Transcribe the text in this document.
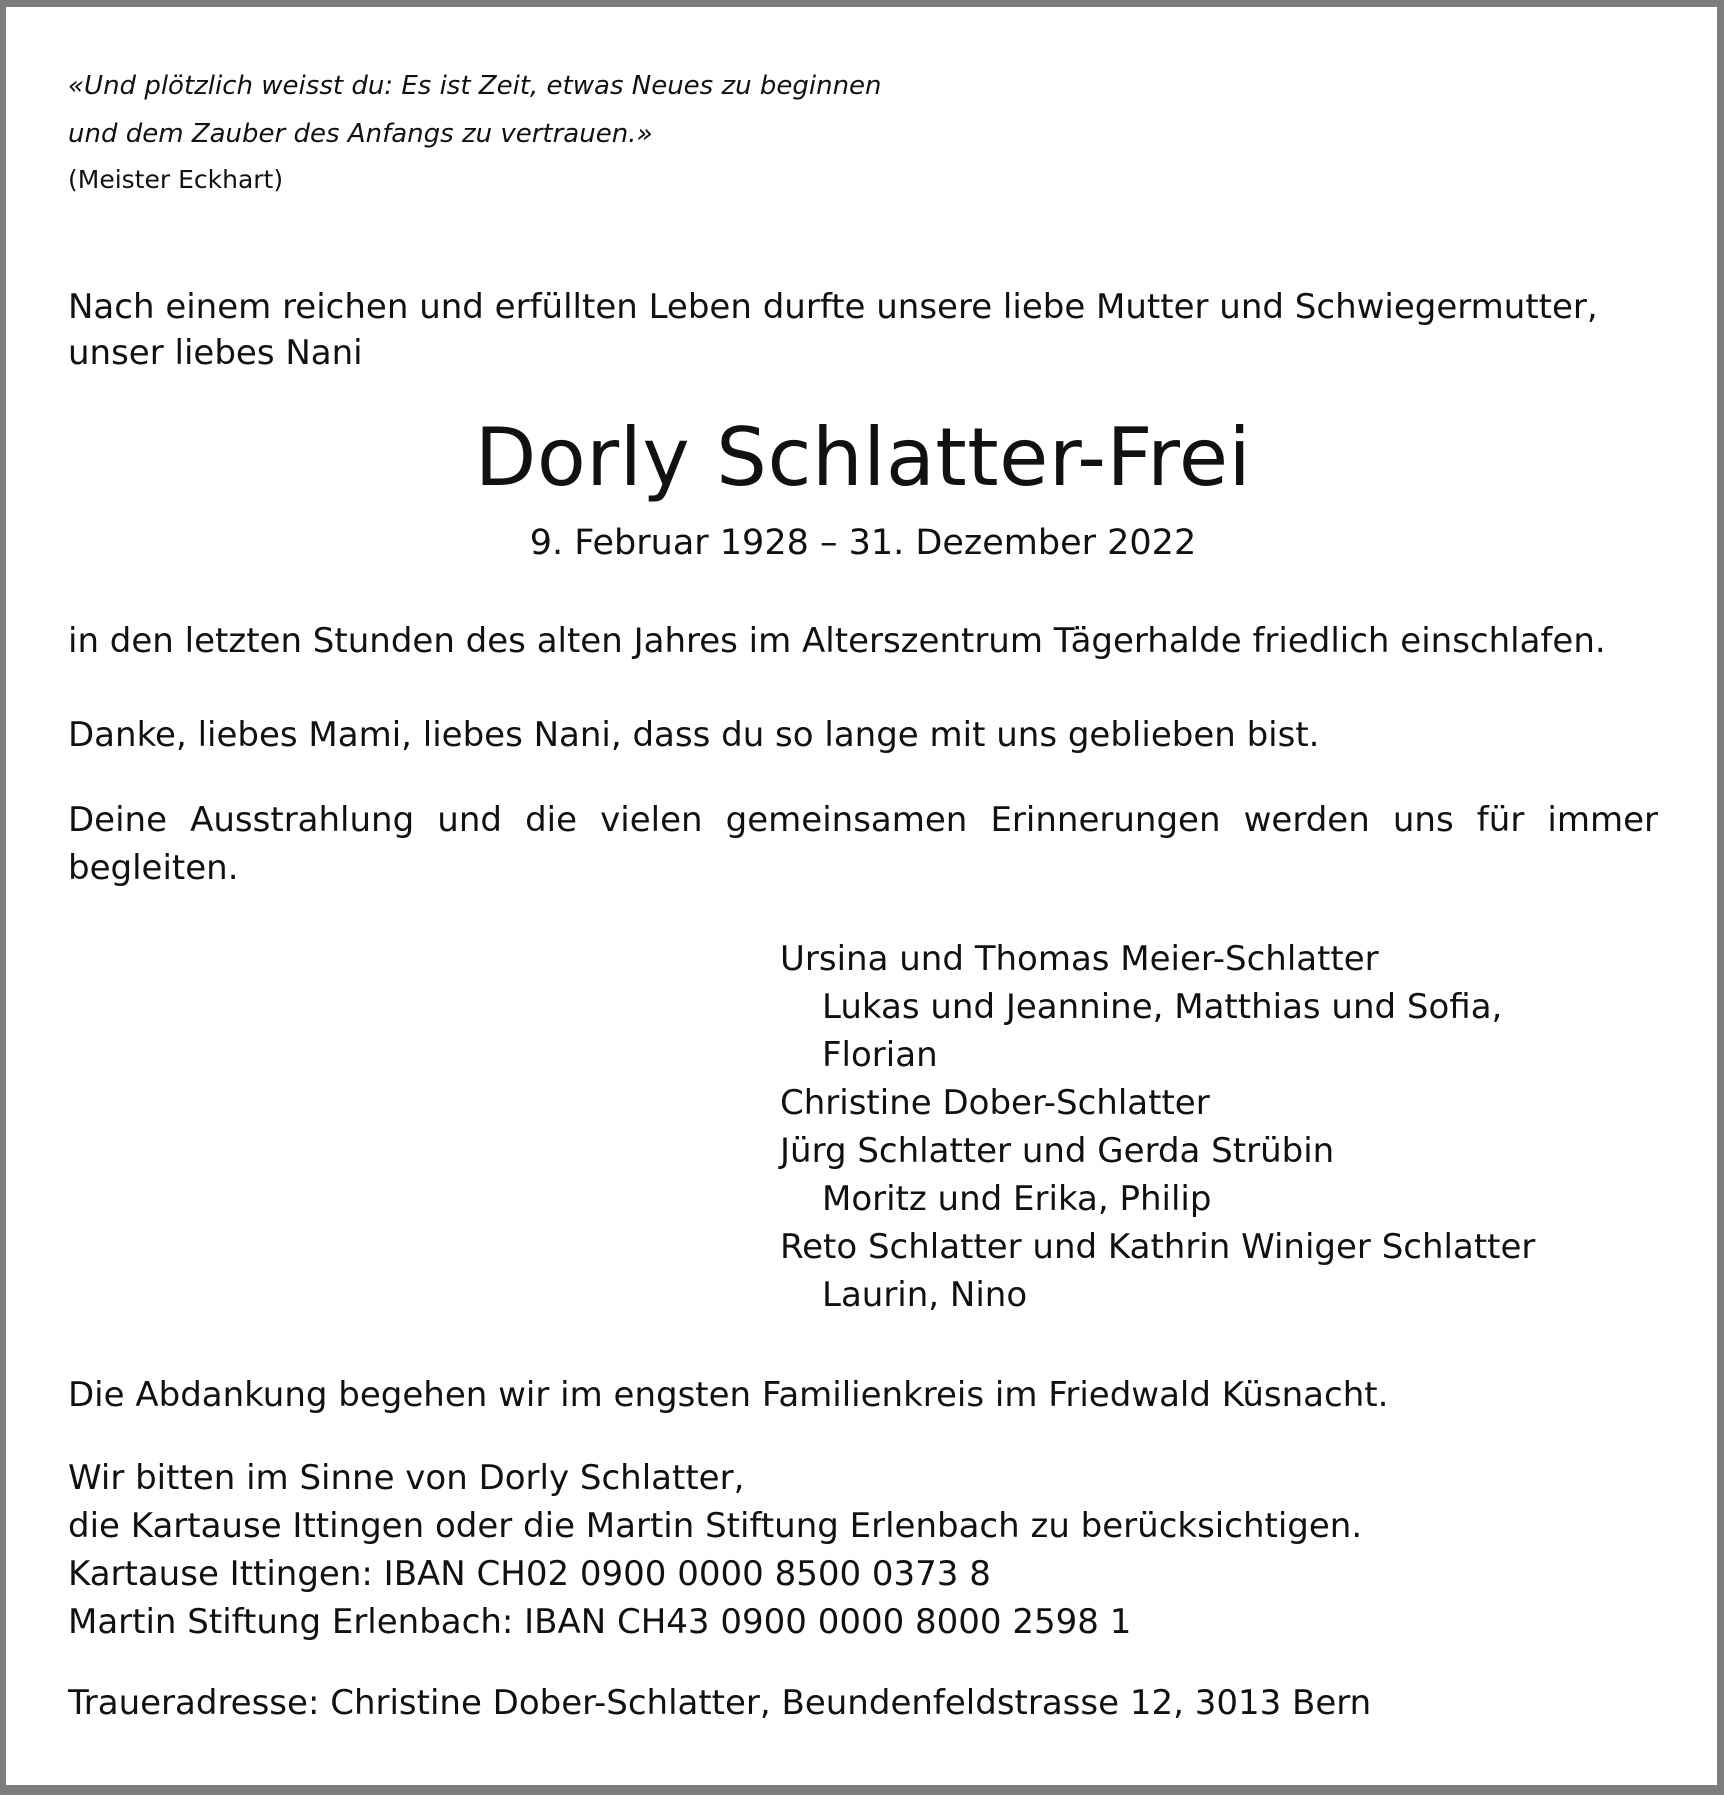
«Und plötzlich weisst du: Es ist Zeit, etwas Neues zu beginnen
und dem Zauber des Anfangs zu vertrauen.»
(Meister Eckhart)
Nach einem reichen und erfüllten Leben durfte unsere liebe Mutter und Schwiegermutter,
unser liebes Nani
Dorly Schlatter-Frei
9. Februar 1928 – 31. Dezember 2022
in den letzten Stunden des alten Jahres im Alterszentrum Tägerhalde friedlich einschlafen.
Danke, liebes Mami, liebes Nani, dass du so lange mit uns geblieben bist.
Deine Ausstrahlung und die vielen gemeinsamen Erinnerungen werden uns für immer begleiten.
Ursina und Thomas Meier-Schlatter
Lukas und Jeannine, Matthias und Sofia,
Florian
Christine Dober-Schlatter
Jürg Schlatter und Gerda Strübin
Moritz und Erika, Philip
Reto Schlatter und Kathrin Winiger Schlatter
Laurin, Nino
Die Abdankung begehen wir im engsten Familienkreis im Friedwald Küsnacht.
Wir bitten im Sinne von Dorly Schlatter,
die Kartause Ittingen oder die Martin Stiftung Erlenbach zu berücksichtigen.
Kartause Ittingen: IBAN CH02 0900 0000 8500 0373 8
Martin Stiftung Erlenbach: IBAN CH43 0900 0000 8000 2598 1
Traueradresse: Christine Dober-Schlatter, Beundenfeldstrasse 12, 3013 Bern
